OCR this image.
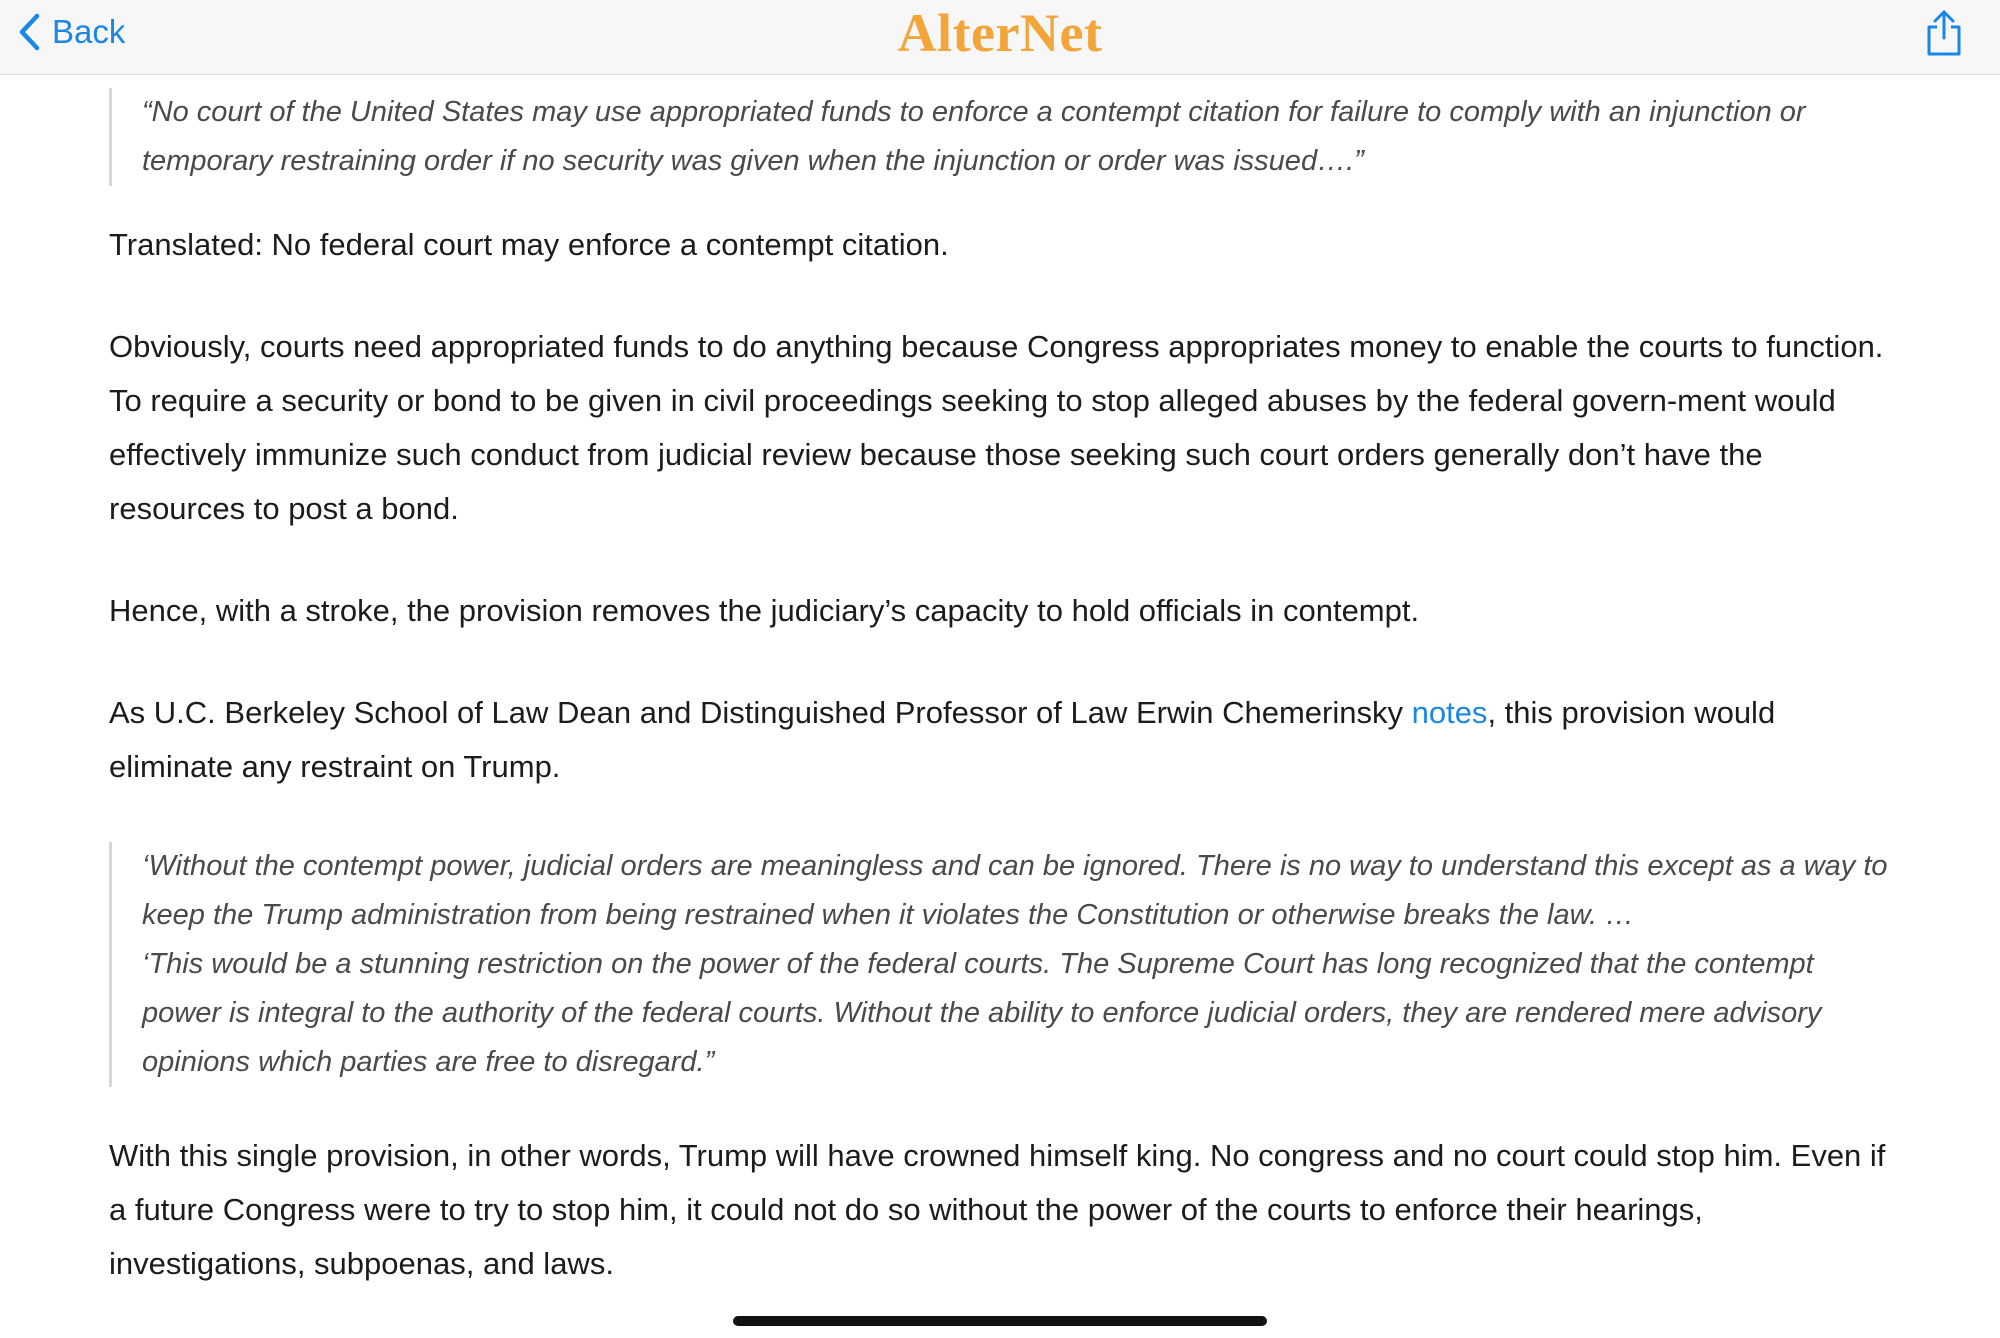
Back	AlterNet
“No court of the United States may use appropriated funds to enforce a contempt citation for failure to comply with an injunction or temporary restraining order if no security was given when the injunction or order was issued….”

Translated: No federal court may enforce a contempt citation.

Obviously, courts need appropriated funds to do anything because Congress appropriates money to enable the courts to function. To require a security or bond to be given in civil proceedings seeking to stop alleged abuses by the federal govern-ment would effectively immunize such conduct from judicial review because those seeking such court orders generally don’t have the resources to post a bond.

Hence, with a stroke, the provision removes the judiciary’s capacity to hold officials in contempt.

As U.C. Berkeley School of Law Dean and Distinguished Professor of Law Erwin Chemerinsky notes, this provision would eliminate any restraint on Trump.

‘Without the contempt power, judicial orders are meaningless and can be ignored. There is no way to understand this except as a way to keep the Trump administration from being restrained when it violates the Constitution or otherwise breaks the law. …
‘This would be a stunning restriction on the power of the federal courts. The Supreme Court has long recognized that the contempt power is integral to the authority of the federal courts. Without the ability to enforce judicial orders, they are rendered mere advisory opinions which parties are free to disregard.”

With this single provision, in other words, Trump will have crowned himself king. No congress and no court could stop him. Even if a future Congress were to try to stop him, it could not do so without the power of the courts to enforce their hearings, investigations, subpoenas, and laws.
